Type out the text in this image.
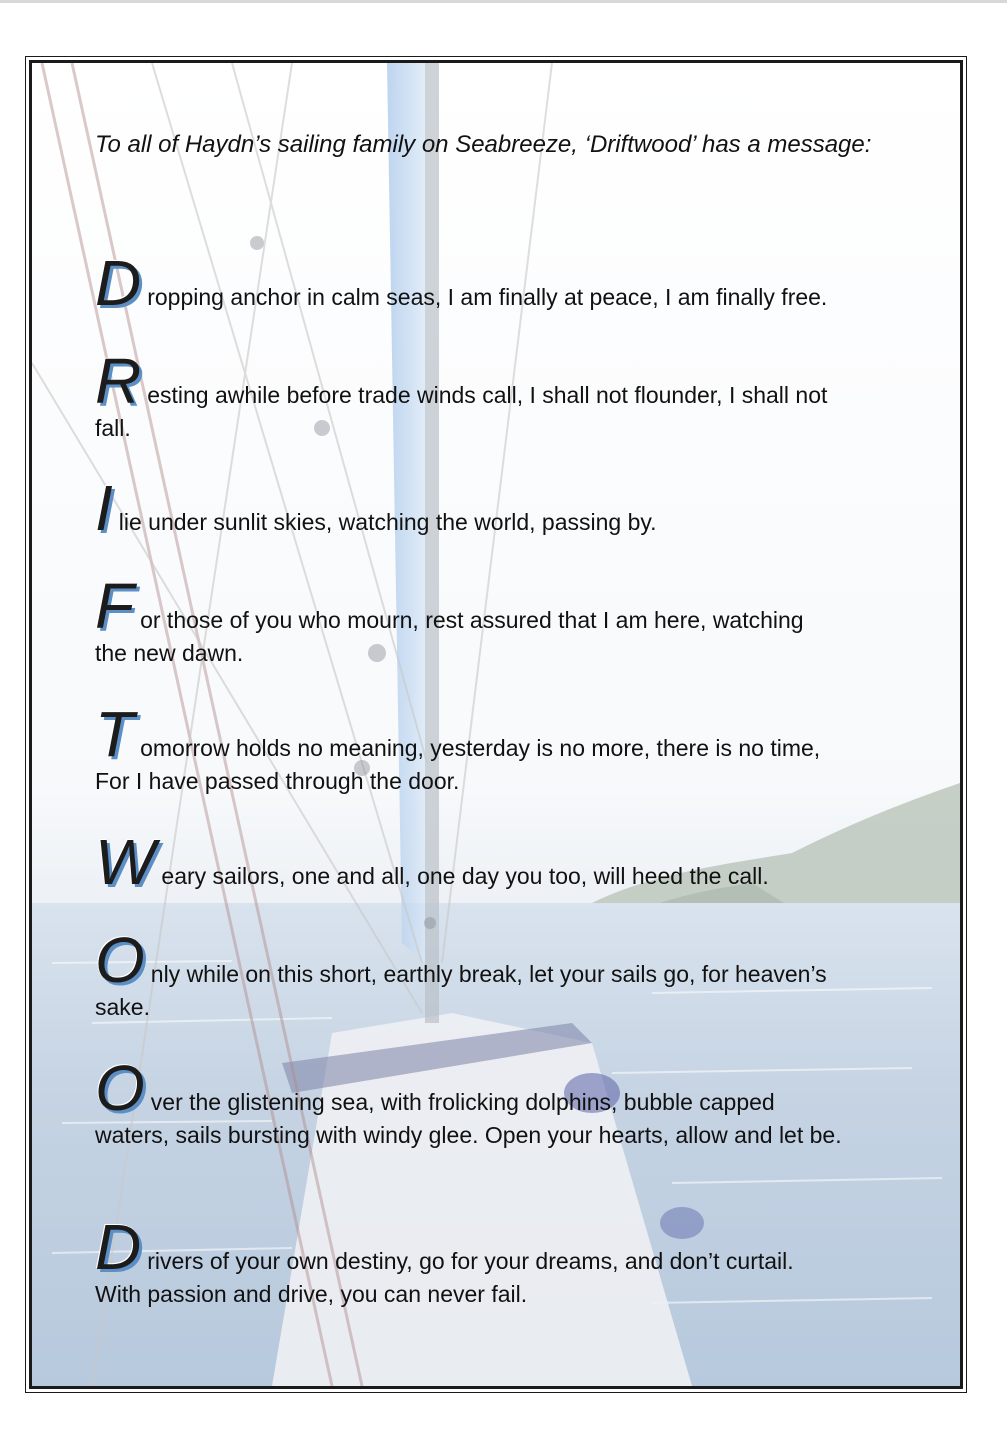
To all of Haydn’s sailing family on Seabreeze, ‘Driftwood’ has a message:
Dropping anchor in calm seas, I am finally at peace, I am finally free.
Resting awhile before trade winds call, I shall not flounder, I shall not
fall.
Ilie under sunlit skies, watching the world, passing by.
For those of you who mourn, rest assured that I am here, watching
the new dawn.
Tomorrow holds no meaning, yesterday is no more, there is no time,
For I have passed through the door.
Weary sailors, one and all, one day you too, will heed the call.
Only while on this short, earthly break, let your sails go, for heaven’s
sake.
Over the glistening sea, with frolicking dolphins, bubble capped
waters, sails bursting with windy glee. Open your hearts, allow and let be.
Drivers of your own destiny, go for your dreams, and don’t curtail.
With passion and drive, you can never fail.
